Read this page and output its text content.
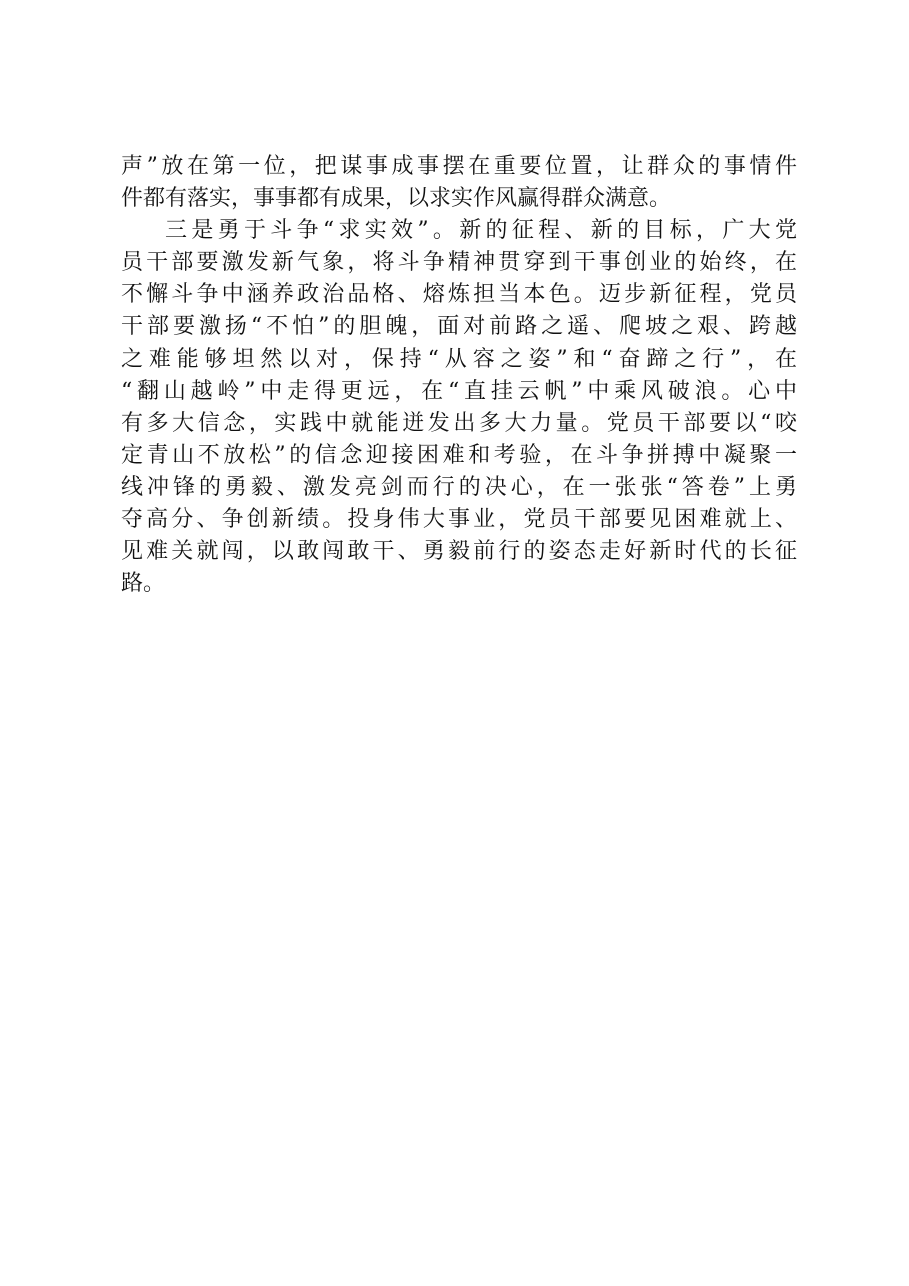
声”放在第一位，把谋事成事摆在重要位置，让群众的事情件
件都有落实，事事都有成果，以求实作风赢得群众满意。
三是勇于斗争“求实效”。新的征程、新的目标，广大党
员干部要激发新气象，将斗争精神贯穿到干事创业的始终，在
不懈斗争中涵养政治品格、熔炼担当本色。迈步新征程，党员
干部要激扬“不怕”的胆魄，面对前路之遥、爬坡之艰、跨越
之难能够坦然以对，保持“从容之姿”和“奋蹄之行”，在
“翻山越岭”中走得更远，在“直挂云帆”中乘风破浪。心中
有多大信念，实践中就能迸发出多大力量。党员干部要以“咬
定青山不放松”的信念迎接困难和考验，在斗争拼搏中凝聚一
线冲锋的勇毅、激发亮剑而行的决心，在一张张“答卷”上勇
夺高分、争创新绩。投身伟大事业，党员干部要见困难就上、
见难关就闯，以敢闯敢干、勇毅前行的姿态走好新时代的长征
路。
